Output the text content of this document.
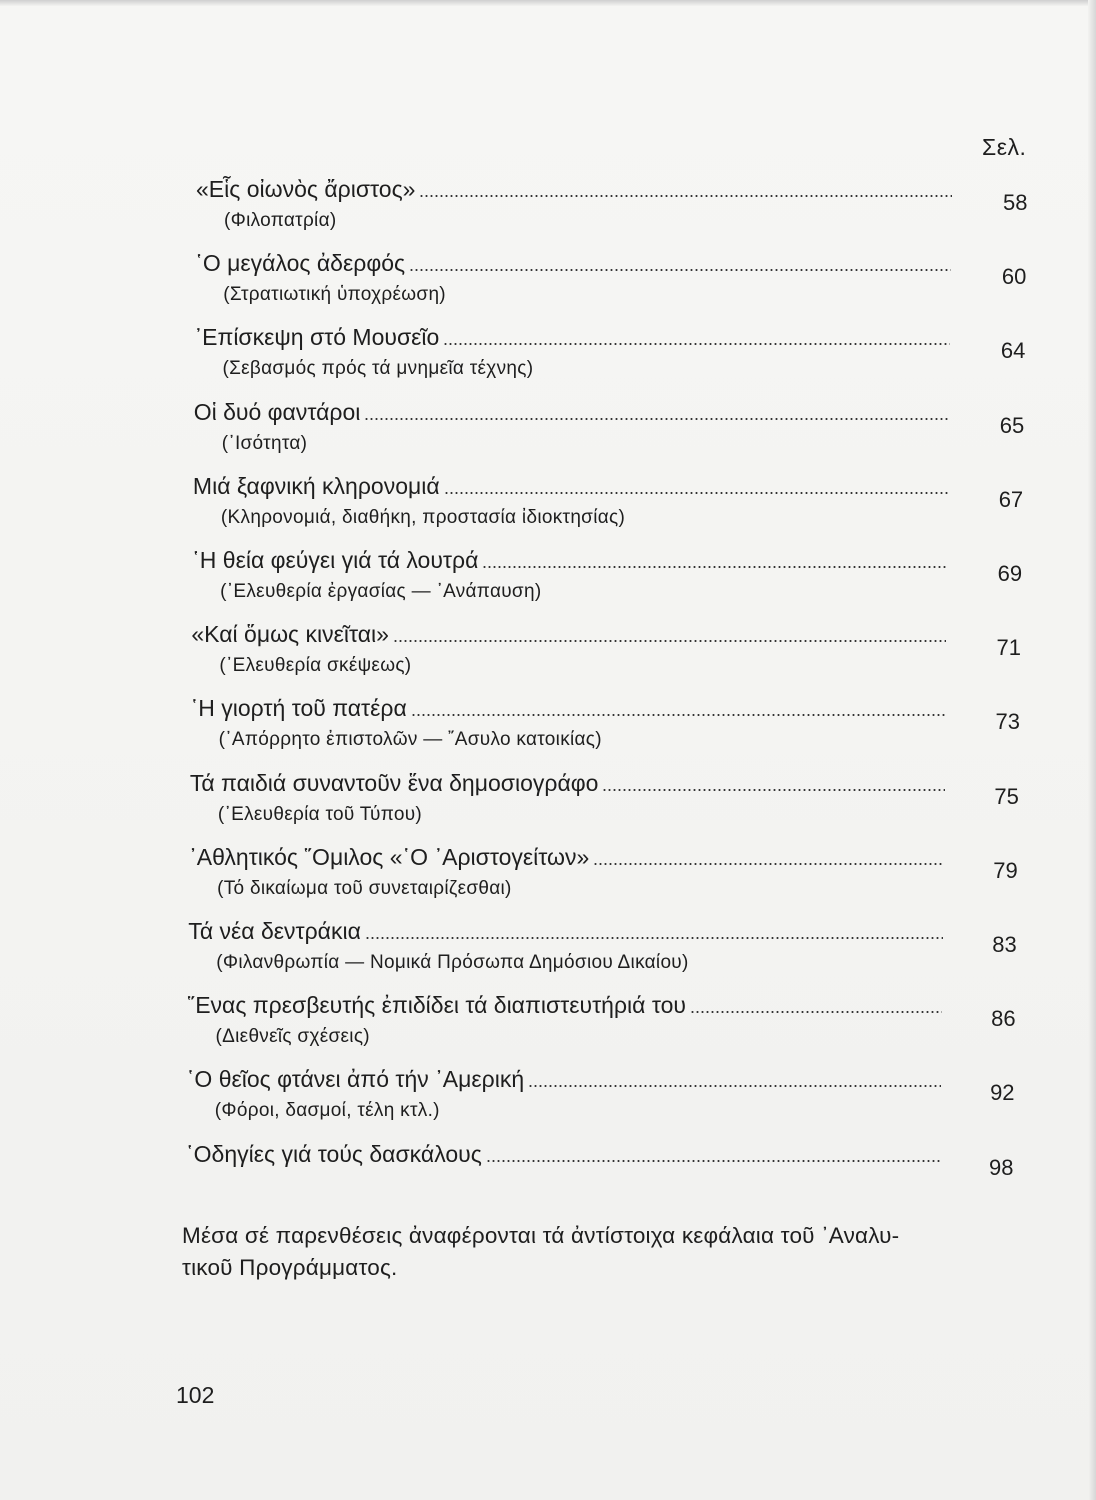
Σελ.
«Εἷς οἰωνὸς ἄριστος»
(Φιλοπατρία)
58
῾Ο μεγάλος ἀδερφός
(Στρατιωτική ὑποχρέωση)
60
᾿Επίσκεψη στό Μουσεῖο
(Σεβασμός πρός τά μνημεῖα τέχνης)
64
Οἱ δυό φαντάροι
(᾿Ισότητα)
65
Μιά ξαφνική κληρονομιά
(Κληρονομιά, διαθήκη, προστασία ἰδιοκτησίας)
67
῾Η θεία φεύγει γιά τά λουτρά
(᾿Ελευθερία ἐργασίας — ᾿Ανάπαυση)
69
«Καί ὅμως κινεῖται»
(᾿Ελευθερία σκέψεως)
71
῾Η γιορτή τοῦ πατέρα
(᾿Απόρρητο ἐπιστολῶν — ῎Ασυλο κατοικίας)
73
Τά παιδιά συναντοῦν ἕνα δημοσιογράφο
(᾿Ελευθερία τοῦ Τύπου)
75
᾿Αθλητικός ῞Ομιλος «῾Ο ᾿Αριστογείτων»
(Τό δικαίωμα τοῦ συνεταιρίζεσθαι)
79
Τά νέα δεντράκια
(Φιλανθρωπία — Νομικά Πρόσωπα Δημόσιου Δικαίου)
83
῞Ενας πρεσβευτής ἐπιδίδει τά διαπιστευτήριά του
(Διεθνεῖς σχέσεις)
86
῾Ο θεῖος φτάνει ἀπό τήν ᾿Αμερική
(Φόροι, δασμοί, τέλη κτλ.)
92
῾Οδηγίες γιά τούς δασκάλους
98
Μέσα σέ παρενθέσεις ἀναφέρονται τά ἀντίστοιχα κεφάλαια τοῦ ᾿Αναλυ-
τικοῦ Προγράμματος.
102
